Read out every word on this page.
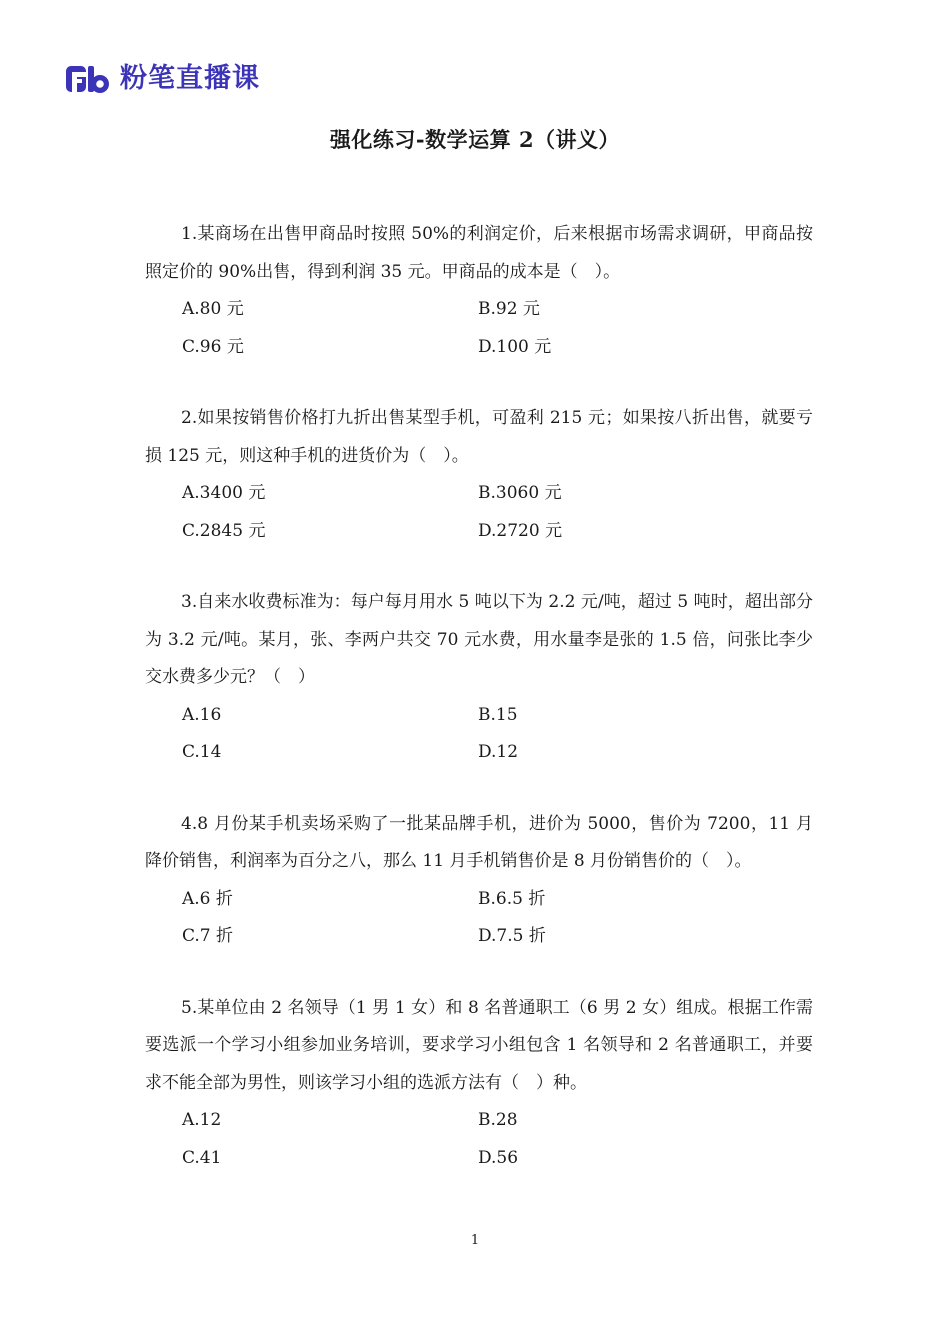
粉笔直播课
强化练习-数学运算 2（讲义）

1.某商场在出售甲商品时按照 50%的利润定价，后来根据市场需求调研，甲商品按照定价的 90%出售，得到利润 35 元。甲商品的成本是（　）。

A.80 元	B.92 元
C.96 元	D.100 元

2.如果按销售价格打九折出售某型手机，可盈利 215 元；如果按八折出售，就要亏损 125 元，则这种手机的进货价为（　）。

A.3400 元	B.3060 元
C.2845 元	D.2720 元

3.自来水收费标准为：每户每月用水 5 吨以下为 2.2 元/吨，超过 5 吨时，超出部分为 3.2 元/吨。某月，张、李两户共交 70 元水费，用水量李是张的 1.5 倍，问张比李少交水费多少元？（　）

A.16	B.15
C.14	D.12

4.8 月份某手机卖场采购了一批某品牌手机，进价为 5000，售价为 7200，11 月降价销售，利润率为百分之八，那么 11 月手机销售价是 8 月份销售价的（　）。

A.6 折	B.6.5 折
C.7 折	D.7.5 折

5.某单位由 2 名领导（1 男 1 女）和 8 名普通职工（6 男 2 女）组成。根据工作需要选派一个学习小组参加业务培训，要求学习小组包含 1 名领导和 2 名普通职工，并要求不能全部为男性，则该学习小组的选派方法有（　）种。

A.12	B.28
C.41	D.56
1
